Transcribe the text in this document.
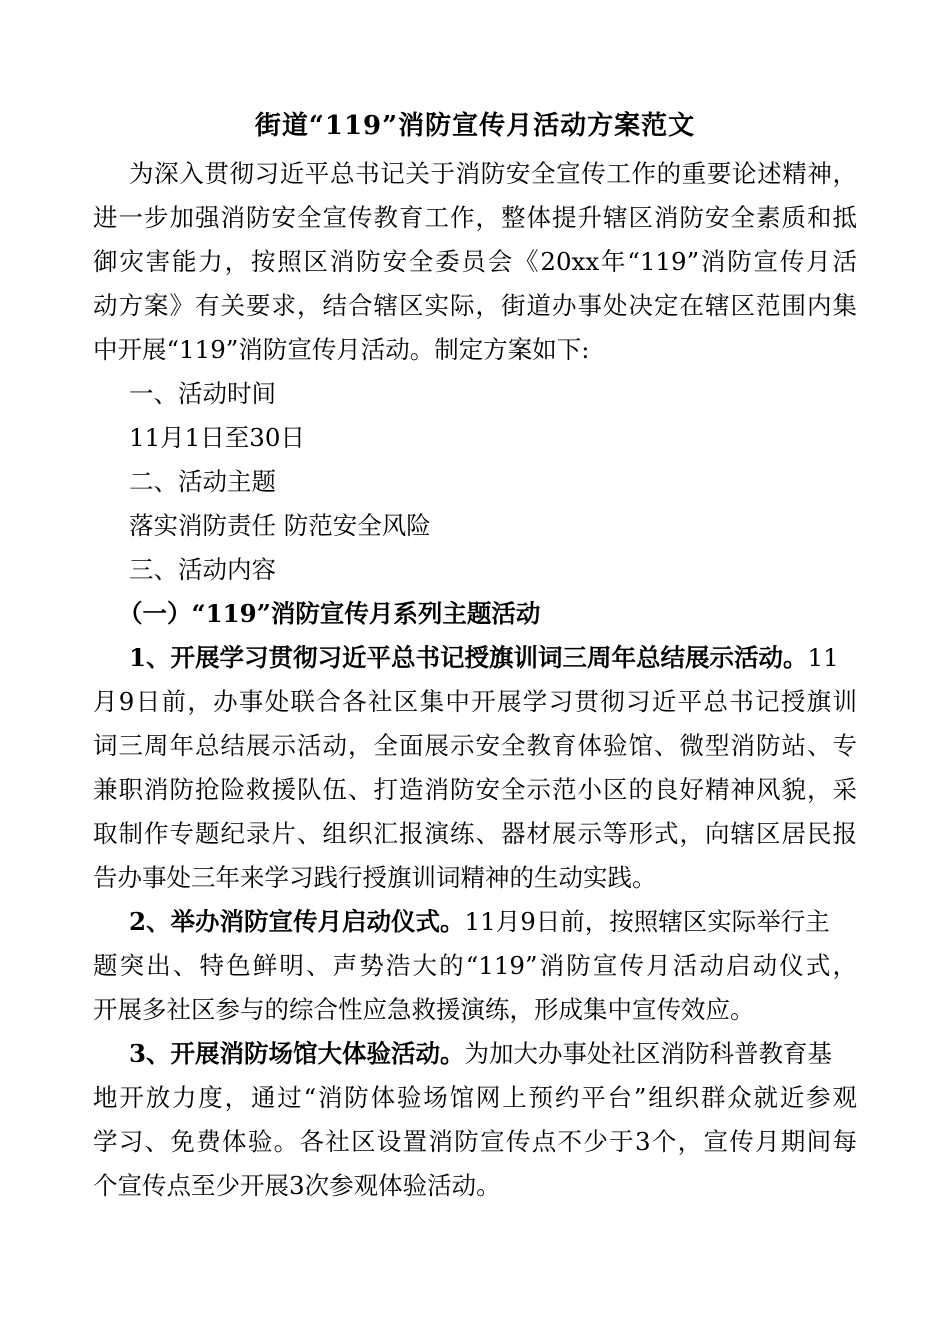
街道“119”消防宣传月活动方案范文
为深入贯彻习近平总书记关于消防安全宣传工作的重要论述精神，
进一步加强消防安全宣传教育工作，整体提升辖区消防安全素质和抵
御灾害能力，按照区消防安全委员会《20xx年“119”消防宣传月活
动方案》有关要求，结合辖区实际，街道办事处决定在辖区范围内集
中开展“119”消防宣传月活动。制定方案如下:
一、活动时间
11月1日至30日
二、活动主题
落实消防责任 防范安全风险
三、活动内容
（一）“119”消防宣传月系列主题活动
1、开展学习贯彻习近平总书记授旗训词三周年总结展示活动。11
月9日前，办事处联合各社区集中开展学习贯彻习近平总书记授旗训
词三周年总结展示活动，全面展示安全教育体验馆、微型消防站、专
兼职消防抢险救援队伍、打造消防安全示范小区的良好精神风貌，采
取制作专题纪录片、组织汇报演练、器材展示等形式，向辖区居民报
告办事处三年来学习践行授旗训词精神的生动实践。
2、举办消防宣传月启动仪式。11月9日前，按照辖区实际举行主
题突出、特色鲜明、声势浩大的“119”消防宣传月活动启动仪式，
开展多社区参与的综合性应急救援演练，形成集中宣传效应。
3、开展消防场馆大体验活动。为加大办事处社区消防科普教育基
地开放力度，通过“消防体验场馆网上预约平台”组织群众就近参观
学习、免费体验。各社区设置消防宣传点不少于3个，宣传月期间每
个宣传点至少开展3次参观体验活动。
